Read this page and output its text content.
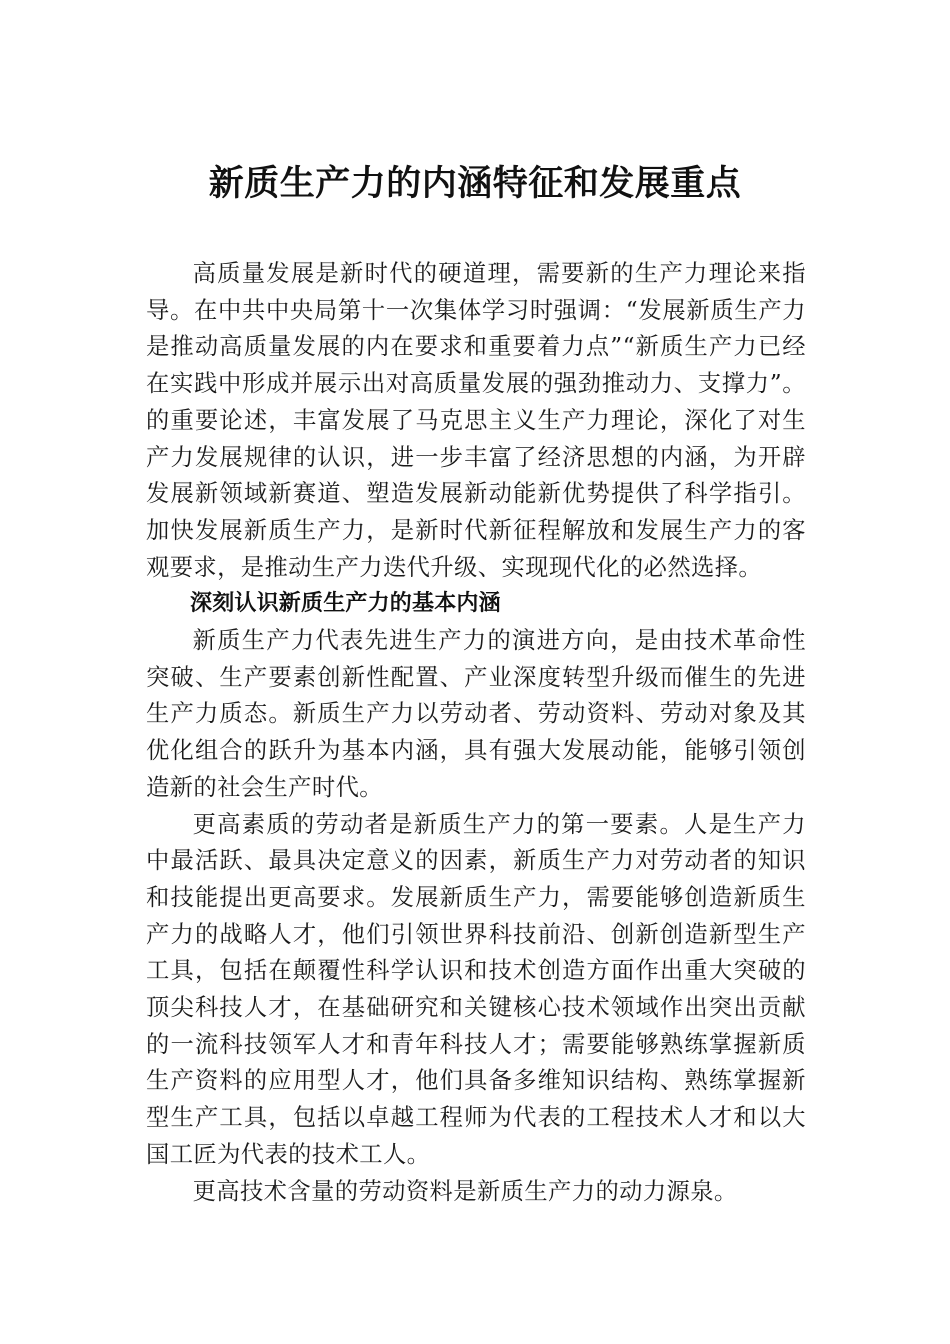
新质生产力的内涵特征和发展重点

高质量发展是新时代的硬道理，需要新的生产力理论来指导。在中共中央局第十一次集体学习时强调：“发展新质生产力是推动高质量发展的内在要求和重要着力点”“新质生产力已经在实践中形成并展示出对高质量发展的强劲推动力、支撑力”。的重要论述，丰富发展了马克思主义生产力理论，深化了对生产力发展规律的认识，进一步丰富了经济思想的内涵，为开辟发展新领域新赛道、塑造发展新动能新优势提供了科学指引。加快发展新质生产力，是新时代新征程解放和发展生产力的客观要求，是推动生产力迭代升级、实现现代化的必然选择。

深刻认识新质生产力的基本内涵

新质生产力代表先进生产力的演进方向，是由技术革命性突破、生产要素创新性配置、产业深度转型升级而催生的先进生产力质态。新质生产力以劳动者、劳动资料、劳动对象及其优化组合的跃升为基本内涵，具有强大发展动能，能够引领创造新的社会生产时代。

更高素质的劳动者是新质生产力的第一要素。人是生产力中最活跃、最具决定意义的因素，新质生产力对劳动者的知识和技能提出更高要求。发展新质生产力，需要能够创造新质生产力的战略人才，他们引领世界科技前沿、创新创造新型生产工具，包括在颠覆性科学认识和技术创造方面作出重大突破的顶尖科技人才，在基础研究和关键核心技术领域作出突出贡献的一流科技领军人才和青年科技人才；需要能够熟练掌握新质生产资料的应用型人才，他们具备多维知识结构、熟练掌握新型生产工具，包括以卓越工程师为代表的工程技术人才和以大国工匠为代表的技术工人。

更高技术含量的劳动资料是新质生产力的动力源泉。
